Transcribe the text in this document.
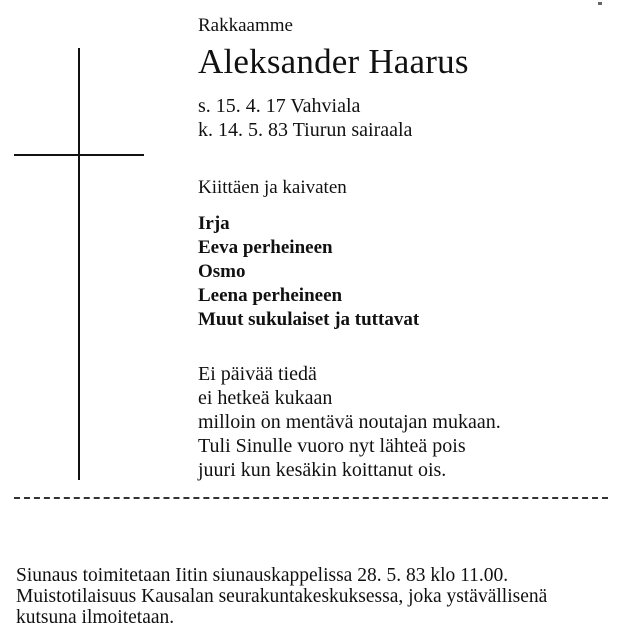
Rakkaamme
Aleksander Haarus
s. 15. 4. 17 Vahviala
k. 14. 5. 83 Tiurun sairaala
Kiittäen ja kaivaten
Irja
Eeva perheineen
Osmo
Leena perheineen
Muut sukulaiset ja tuttavat
Ei päivää tiedä
ei hetkeä kukaan
milloin on mentävä noutajan mukaan.
Tuli Sinulle vuoro nyt lähteä pois
juuri kun kesäkin koittanut ois.
Siunaus toimitetaan Iitin siunauskappelissa 28. 5. 83 klo 11.00.
Muistotilaisuus Kausalan seurakuntakeskuksessa, joka ystävällisenä
kutsuna ilmoitetaan.
